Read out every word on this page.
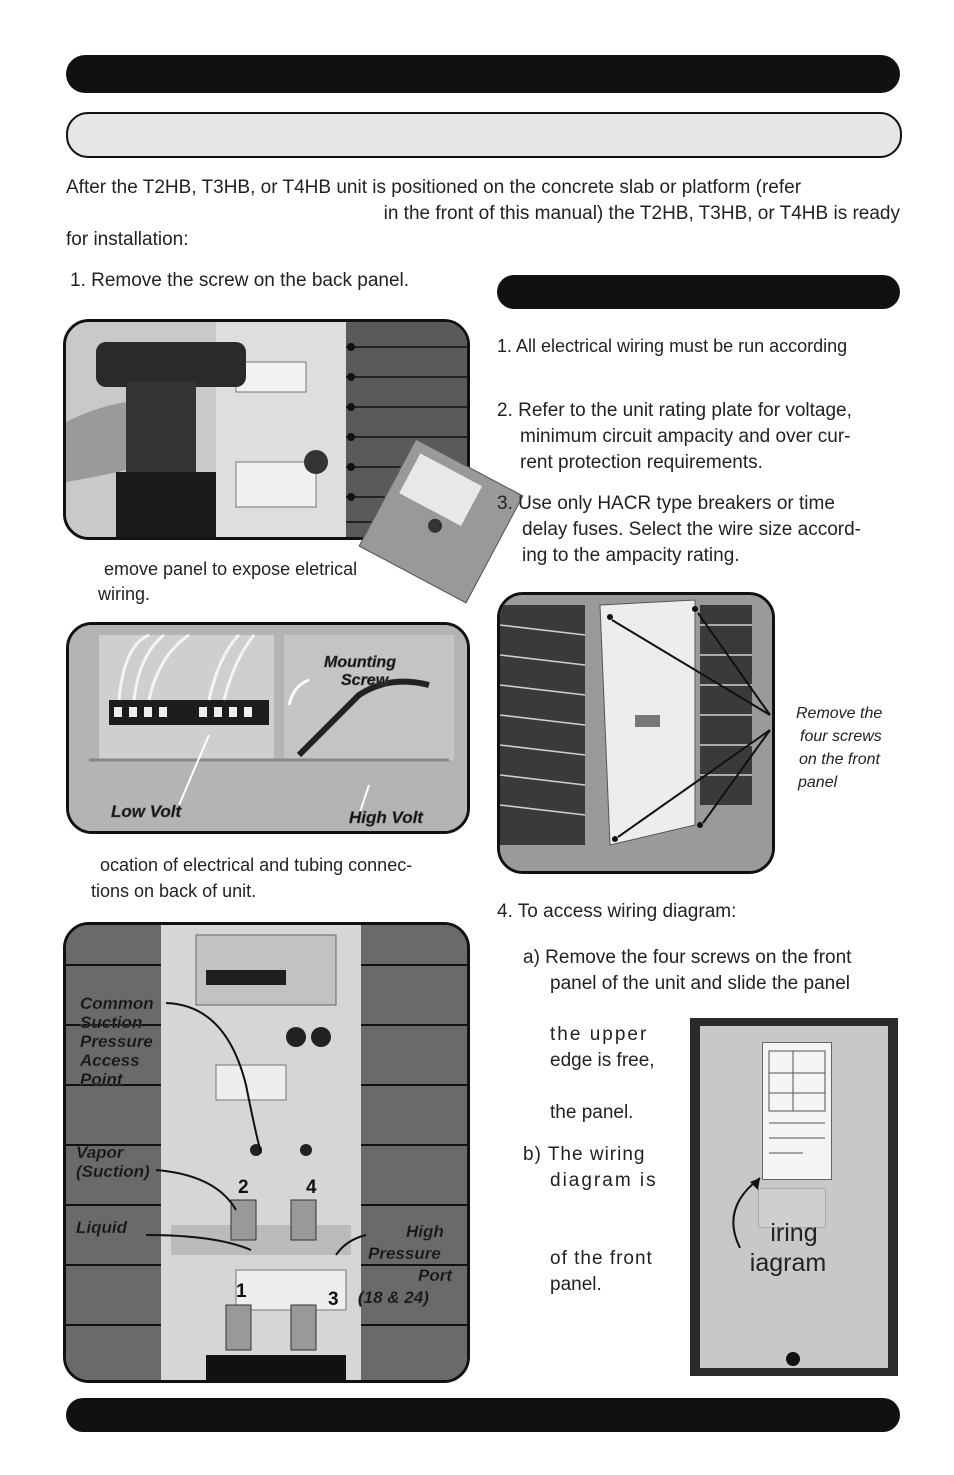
After the T2HB, T3HB, or T4HB unit is positioned on the concrete slab or platform (refer
in the front of this manual) the T2HB, T3HB, or T4HB is ready
for installation:
1. Remove the screw on the back panel.
emove panel to expose eletrical
wiring.
Mounting
Screw
Low Volt	High Volt
ocation of electrical and tubing connec-
tions on back of unit.
Common
Suction
Pressure
Access
Point
Vapor
(Suction)
Liquid	High
Pressure
Port
(18 & 24)
2	4
1	3
1. All electrical wiring must be run according
2. Refer to the unit rating plate for voltage,
minimum circuit ampacity and over cur-
rent protection requirements.
3. Use only HACR type breakers or time
delay fuses. Select the wire size accord-
ing to the ampacity rating.
Remove the
four screws
on the front
panel
4. To access wiring diagram:
a) Remove the four screws on the front
panel of the unit and slide the panel
the upper
edge is free,
the panel.
b) The wiring
diagram is
of the front
panel.
iring
iagram
